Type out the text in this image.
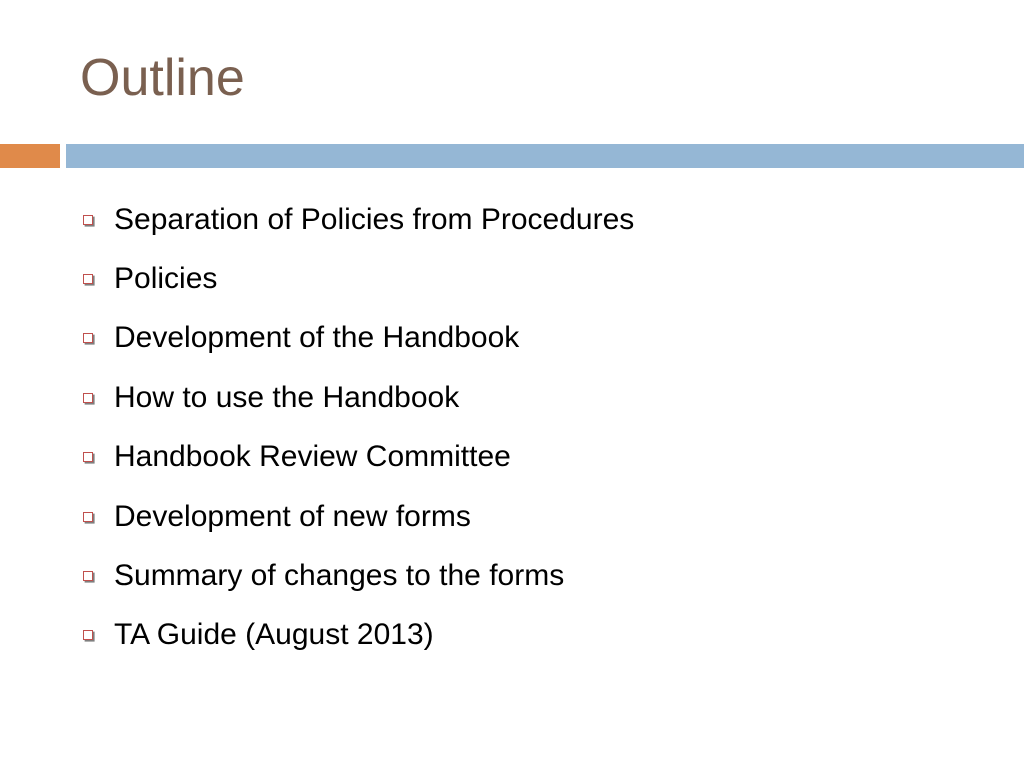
Outline
Separation of Policies from Procedures
Policies
Development of the Handbook
How to use the Handbook
Handbook Review Committee
Development of new forms
Summary of changes to the forms
TA Guide (August 2013)
